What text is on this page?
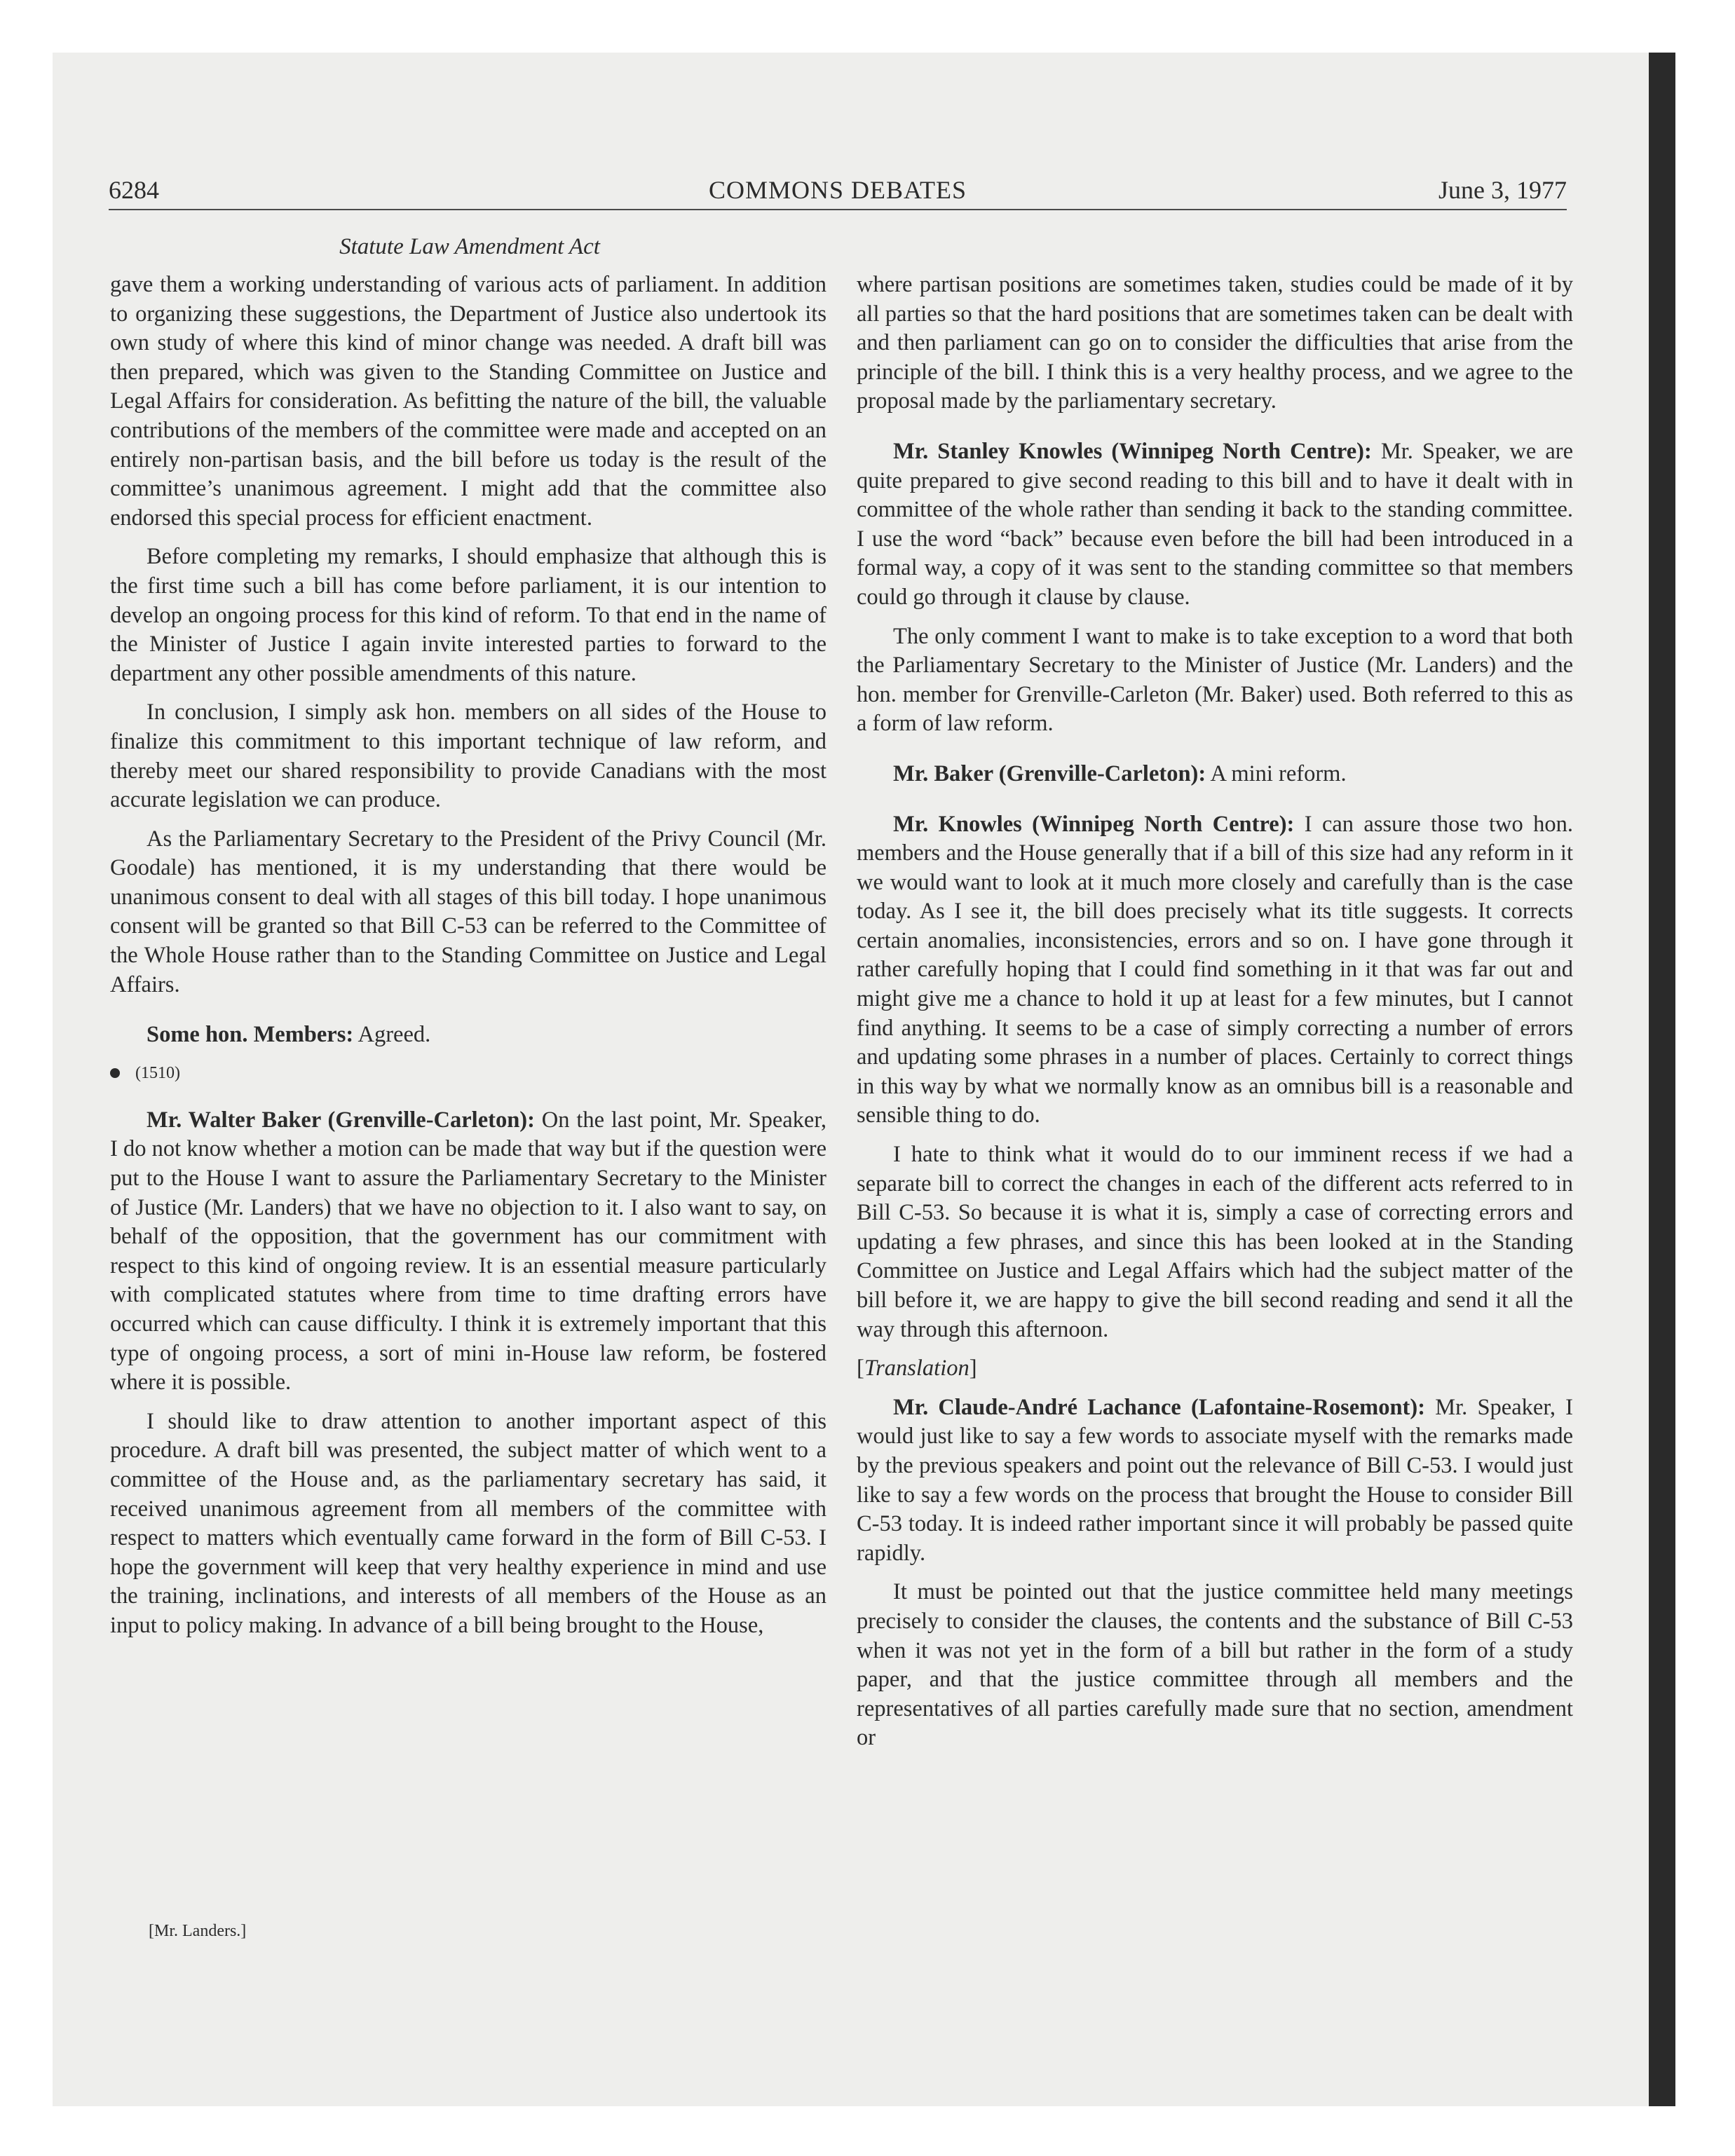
6284	COMMONS DEBATES	June 3, 1977
Statute Law Amendment Act

gave them a working understanding of various acts of parliament. In addition to organizing these suggestions, the Department of Justice also undertook its own study of where this kind of minor change was needed. A draft bill was then prepared, which was given to the Standing Committee on Justice and Legal Affairs for consideration. As befitting the nature of the bill, the valuable contributions of the members of the committee were made and accepted on an entirely non-partisan basis, and the bill before us today is the result of the committee’s unanimous agreement. I might add that the committee also endorsed this special process for efficient enactment.

Before completing my remarks, I should emphasize that although this is the first time such a bill has come before parliament, it is our intention to develop an ongoing process for this kind of reform. To that end in the name of the Minister of Justice I again invite interested parties to forward to the department any other possible amendments of this nature.

In conclusion, I simply ask hon. members on all sides of the House to finalize this commitment to this important technique of law reform, and thereby meet our shared responsibility to provide Canadians with the most accurate legislation we can produce.

As the Parliamentary Secretary to the President of the Privy Council (Mr. Goodale) has mentioned, it is my understanding that there would be unanimous consent to deal with all stages of this bill today. I hope unanimous consent will be granted so that Bill C-53 can be referred to the Committee of the Whole House rather than to the Standing Committee on Justice and Legal Affairs.

Some hon. Members: Agreed.

(1510)

Mr. Walter Baker (Grenville-Carleton): On the last point, Mr. Speaker, I do not know whether a motion can be made that way but if the question were put to the House I want to assure the Parliamentary Secretary to the Minister of Justice (Mr. Landers) that we have no objection to it. I also want to say, on behalf of the opposition, that the government has our commitment with respect to this kind of ongoing review. It is an essential measure particularly with complicated statutes where from time to time drafting errors have occurred which can cause difficulty. I think it is extremely important that this type of ongoing process, a sort of mini in-House law reform, be fostered where it is possible.

I should like to draw attention to another important aspect of this procedure. A draft bill was presented, the subject matter of which went to a committee of the House and, as the parliamentary secretary has said, it received unanimous agreement from all members of the committee with respect to matters which eventually came forward in the form of Bill C-53. I hope the government will keep that very healthy experience in mind and use the training, inclinations, and interests of all members of the House as an input to policy making. In advance of a bill being brought to the House,

where partisan positions are sometimes taken, studies could be made of it by all parties so that the hard positions that are sometimes taken can be dealt with and then parliament can go on to consider the difficulties that arise from the principle of the bill. I think this is a very healthy process, and we agree to the proposal made by the parliamentary secretary.

Mr. Stanley Knowles (Winnipeg North Centre): Mr. Speaker, we are quite prepared to give second reading to this bill and to have it dealt with in committee of the whole rather than sending it back to the standing committee. I use the word “back” because even before the bill had been introduced in a formal way, a copy of it was sent to the standing committee so that members could go through it clause by clause.

The only comment I want to make is to take exception to a word that both the Parliamentary Secretary to the Minister of Justice (Mr. Landers) and the hon. member for Grenville-Carleton (Mr. Baker) used. Both referred to this as a form of law reform.

Mr. Baker (Grenville-Carleton): A mini reform.

Mr. Knowles (Winnipeg North Centre): I can assure those two hon. members and the House generally that if a bill of this size had any reform in it we would want to look at it much more closely and carefully than is the case today. As I see it, the bill does precisely what its title suggests. It corrects certain anomalies, inconsistencies, errors and so on. I have gone through it rather carefully hoping that I could find something in it that was far out and might give me a chance to hold it up at least for a few minutes, but I cannot find anything. It seems to be a case of simply correcting a number of errors and updating some phrases in a number of places. Certainly to correct things in this way by what we normally know as an omnibus bill is a reasonable and sensible thing to do.

I hate to think what it would do to our imminent recess if we had a separate bill to correct the changes in each of the different acts referred to in Bill C-53. So because it is what it is, simply a case of correcting errors and updating a few phrases, and since this has been looked at in the Standing Committee on Justice and Legal Affairs which had the subject matter of the bill before it, we are happy to give the bill second reading and send it all the way through this afternoon.

[Translation]

Mr. Claude-André Lachance (Lafontaine-Rosemont): Mr. Speaker, I would just like to say a few words to associate myself with the remarks made by the previous speakers and point out the relevance of Bill C-53. I would just like to say a few words on the process that brought the House to consider Bill C-53 today. It is indeed rather important since it will probably be passed quite rapidly.

It must be pointed out that the justice committee held many meetings precisely to consider the clauses, the contents and the substance of Bill C-53 when it was not yet in the form of a bill but rather in the form of a study paper, and that the justice committee through all members and the representatives of all parties carefully made sure that no section, amendment or

[Mr. Landers.]
